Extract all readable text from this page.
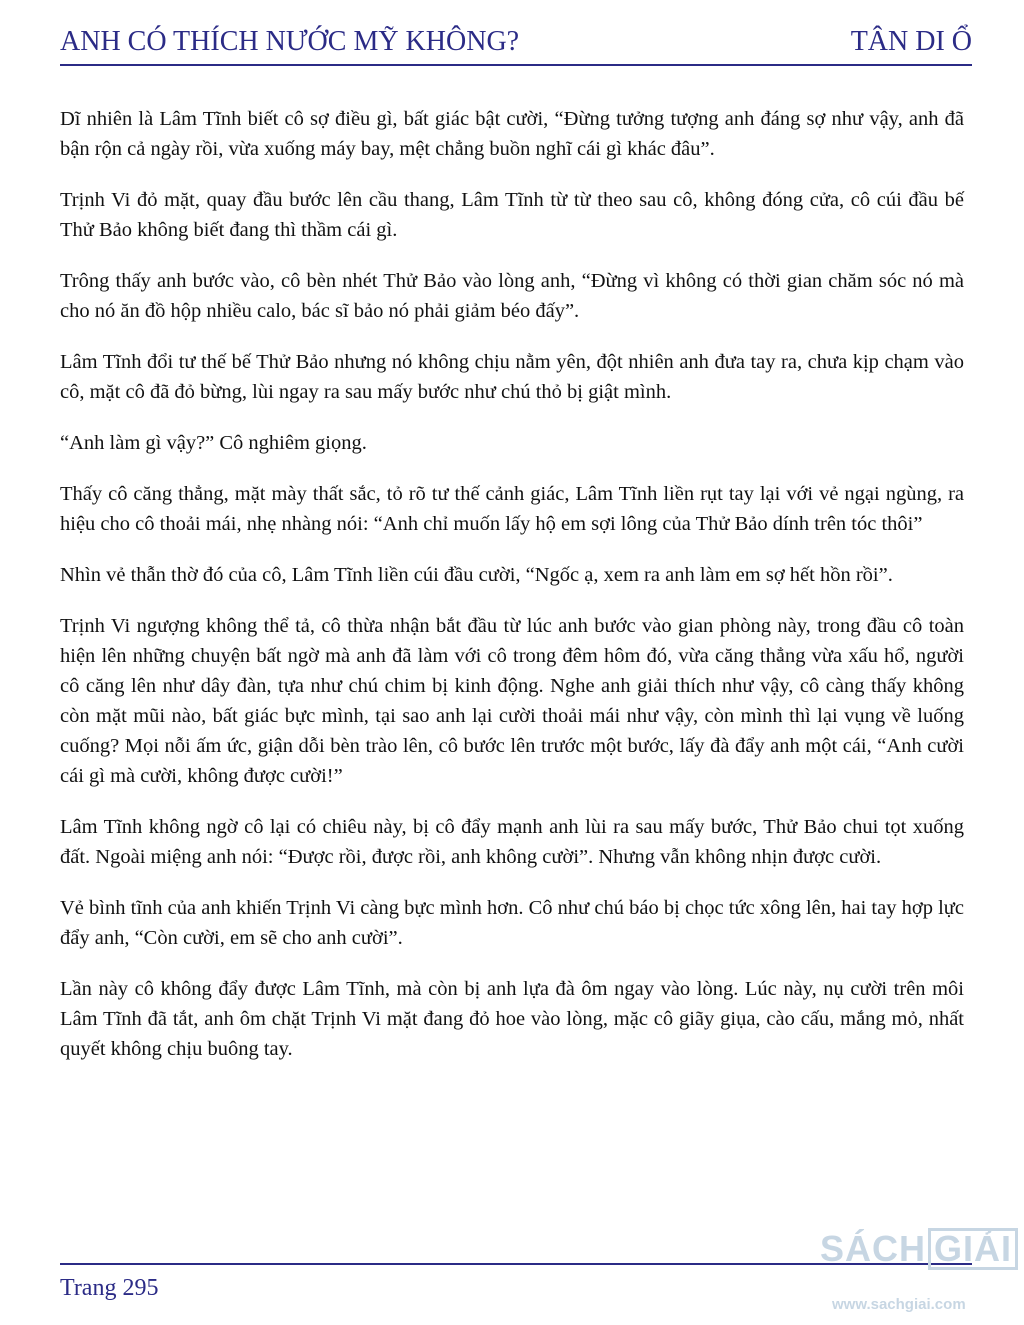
ANH CÓ THÍCH NƯỚC MỸ KHÔNG?	TÂN DI Ổ

Dĩ nhiên là Lâm Tĩnh biết cô sợ điều gì, bất giác bật cười, “Đừng tưởng tượng anh đáng sợ như vậy, anh đã bận rộn cả ngày rồi, vừa xuống máy bay, mệt chẳng buồn nghĩ cái gì khác đâu”.

Trịnh Vi đỏ mặt, quay đầu bước lên cầu thang, Lâm Tĩnh từ từ theo sau cô, không đóng cửa, cô cúi đầu bế Thử Bảo không biết đang thì thầm cái gì.

Trông thấy anh bước vào, cô bèn nhét Thử Bảo vào lòng anh, “Đừng vì không có thời gian chăm sóc nó mà cho nó ăn đồ hộp nhiều calo, bác sĩ bảo nó phải giảm béo đấy”.

Lâm Tĩnh đổi tư thế bế Thử Bảo nhưng nó không chịu nằm yên, đột nhiên anh đưa tay ra, chưa kịp chạm vào cô, mặt cô đã đỏ bừng, lùi ngay ra sau mấy bước như chú thỏ bị giật mình.

“Anh làm gì vậy?” Cô nghiêm giọng.

Thấy cô căng thẳng, mặt mày thất sắc, tỏ rõ tư thế cảnh giác, Lâm Tĩnh liền rụt tay lại với vẻ ngại ngùng, ra hiệu cho cô thoải mái, nhẹ nhàng nói: “Anh chỉ muốn lấy hộ em sợi lông của Thử Bảo dính trên tóc thôi”

Nhìn vẻ thẫn thờ đó của cô, Lâm Tĩnh liền cúi đầu cười, “Ngốc ạ, xem ra anh làm em sợ hết hồn rồi”.

Trịnh Vi ngượng không thể tả, cô thừa nhận bắt đầu từ lúc anh bước vào gian phòng này, trong đầu cô toàn hiện lên những chuyện bất ngờ mà anh đã làm với cô trong đêm hôm đó, vừa căng thẳng vừa xấu hổ, người cô căng lên như dây đàn, tựa như chú chim bị kinh động. Nghe anh giải thích như vậy, cô càng thấy không còn mặt mũi nào, bất giác bực mình, tại sao anh lại cười thoải mái như vậy, còn mình thì lại vụng về luống cuống? Mọi nỗi ấm ức, giận dỗi bèn trào lên, cô bước lên trước một bước, lấy đà đẩy anh một cái, “Anh cười cái gì mà cười, không được cười!”

Lâm Tĩnh không ngờ cô lại có chiêu này, bị cô đẩy mạnh anh lùi ra sau mấy bước, Thử Bảo chui tọt xuống đất. Ngoài miệng anh nói: “Được rồi, được rồi, anh không cười”. Nhưng vẫn không nhịn được cười.

Vẻ bình tĩnh của anh khiến Trịnh Vi càng bực mình hơn. Cô như chú báo bị chọc tức xông lên, hai tay hợp lực đẩy anh, “Còn cười, em sẽ cho anh cười”.

Lần này cô không đẩy được Lâm Tĩnh, mà còn bị anh lựa đà ôm ngay vào lòng. Lúc này, nụ cười trên môi Lâm Tĩnh đã tắt, anh ôm chặt Trịnh Vi mặt đang đỏ hoe vào lòng, mặc cô giãy giụa, cào cấu, mắng mỏ, nhất quyết không chịu buông tay.

Trang 295
SÁCH GIẢI
www.sachgiai.com
